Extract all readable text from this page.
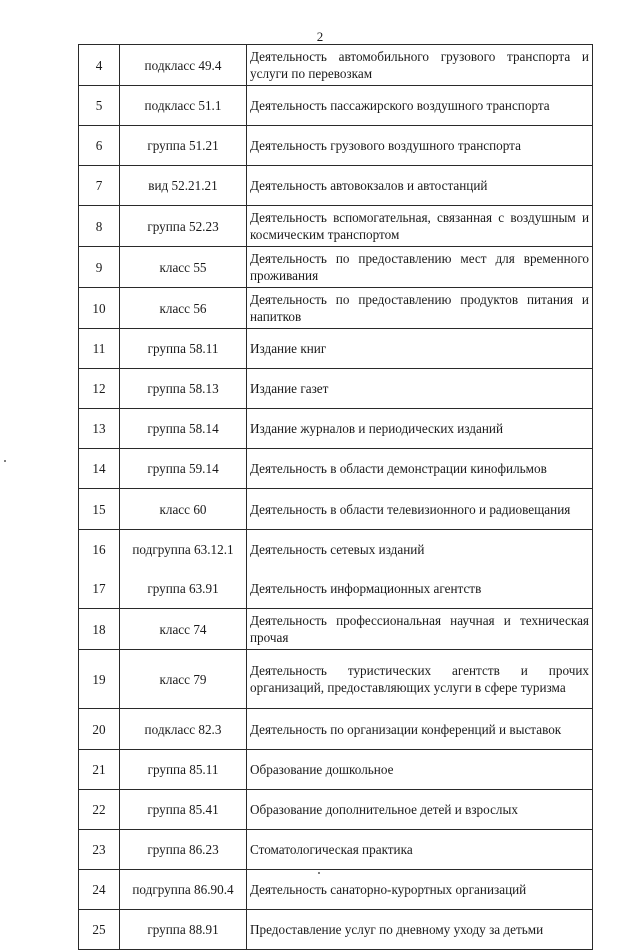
2
4	подкласс 49.4	Деятельность автомобильного грузового транспорта и услуги по перевозкам
5	подкласс 51.1	Деятельность пассажирского воздушного транспорта
6	группа 51.21	Деятельность грузового воздушного транспорта
7	вид 52.21.21	Деятельность автовокзалов и автостанций
8	группа 52.23	Деятельность вспомогательная, связанная с воздушным и космическим транспортом
9	класс 55	Деятельность по предоставлению мест для временного проживания
10	класс 56	Деятельность по предоставлению продуктов питания и напитков
11	группа 58.11	Издание книг
12	группа 58.13	Издание газет
13	группа 58.14	Издание журналов и периодических изданий
14	группа 59.14	Деятельность в области демонстрации кинофильмов
15	класс 60	Деятельность в области телевизионного и радиовещания
16	подгруппа 63.12.1	Деятельность сетевых изданий
17	группа 63.91	Деятельность информационных агентств
18	класс 74	Деятельность профессиональная научная и техническая прочая
19	класс 79	Деятельность туристических агентств и прочих организаций, предоставляющих услуги в сфере туризма
20	подкласс 82.3	Деятельность по организации конференций и выставок
21	группа 85.11	Образование дошкольное
22	группа 85.41	Образование дополнительное детей и взрослых
23	группа 86.23	Стоматологическая практика
24	подгруппа 86.90.4	Деятельность санаторно-курортных организаций
25	группа 88.91	Предоставление услуг по дневному уходу за детьми
